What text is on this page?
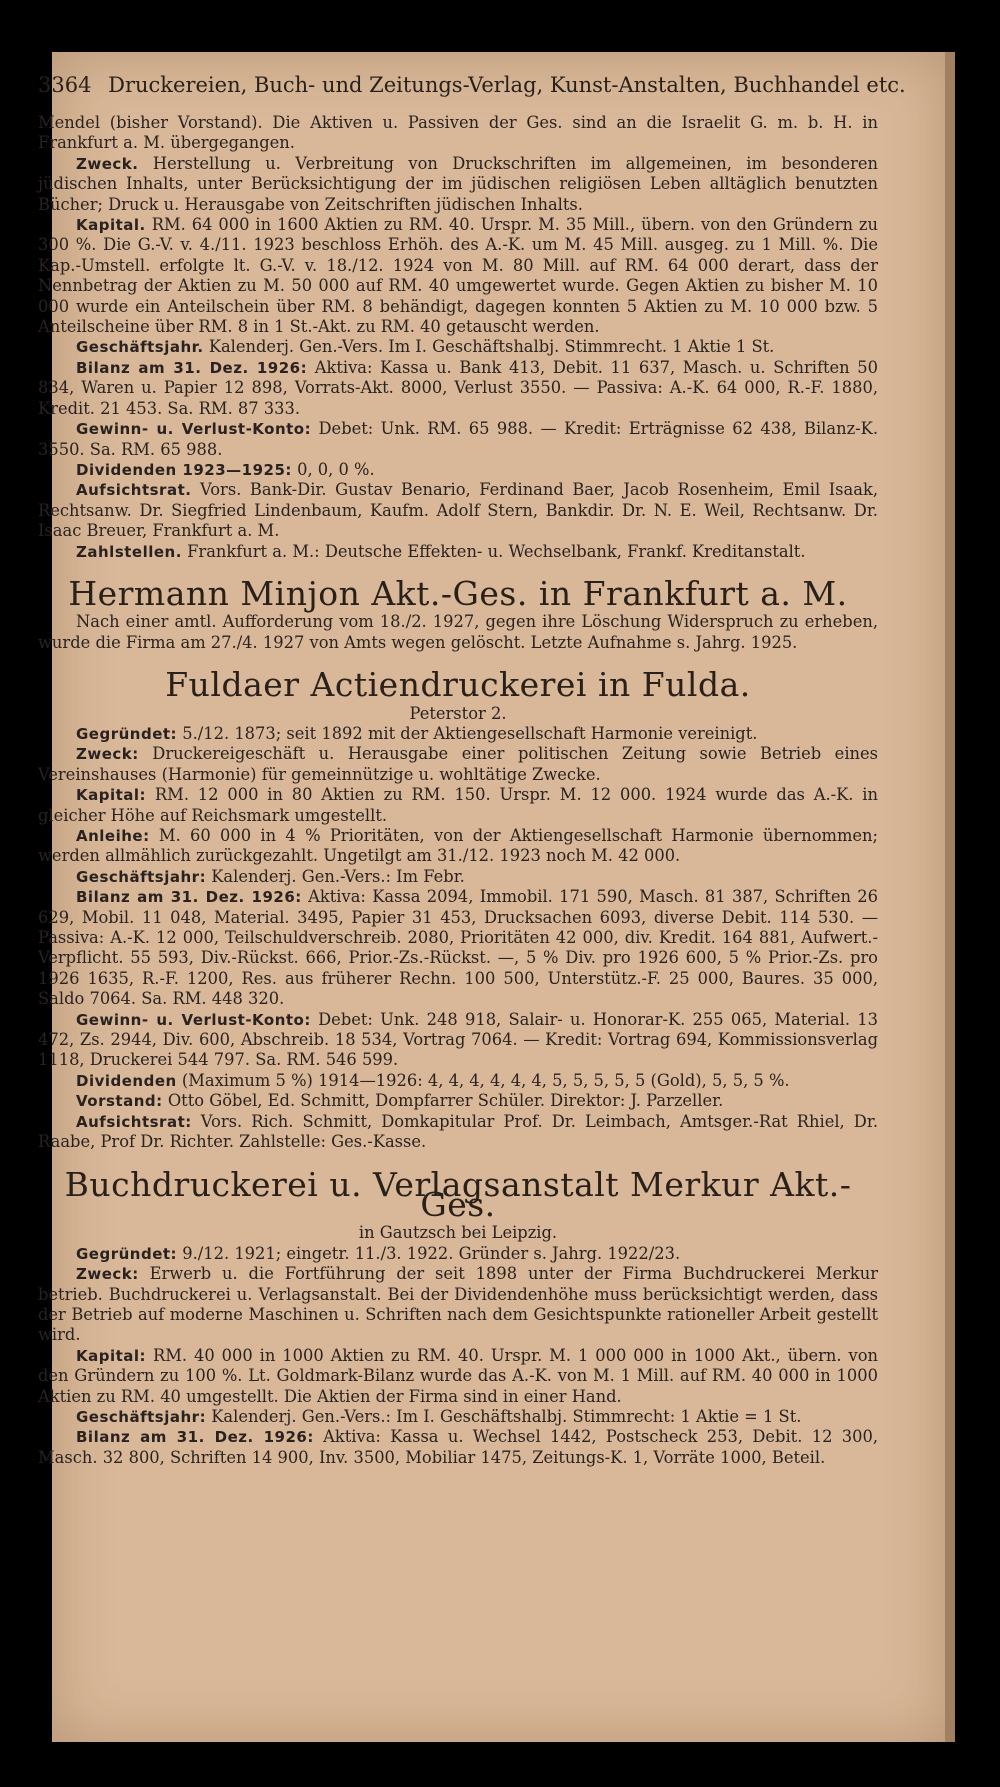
3364 Druckereien, Buch- und Zeitungs-Verlag, Kunst-Anstalten, Buchhandel etc.

Mendel (bisher Vorstand). Die Aktiven u. Passiven der Ges. sind an die Israelit G. m. b. H. in Frankfurt a. M. übergegangen.

Zweck. Herstellung u. Verbreitung von Druckschriften im allgemeinen, im besonderen jüdischen Inhalts, unter Berücksichtigung der im jüdischen religiösen Leben alltäglich benutzten Bücher; Druck u. Herausgabe von Zeitschriften jüdischen Inhalts.

Kapital. RM. 64 000 in 1600 Aktien zu RM. 40. Urspr. M. 35 Mill., übern. von den Gründern zu 300 %. Die G.-V. v. 4./11. 1923 beschloss Erhöh. des A.-K. um M. 45 Mill. ausgeg. zu 1 Mill. %. Die Kap.-Umstell. erfolgte lt. G.-V. v. 18./12. 1924 von M. 80 Mill. auf RM. 64 000 derart, dass der Nennbetrag der Aktien zu M. 50 000 auf RM. 40 umgewertet wurde. Gegen Aktien zu bisher M. 10 000 wurde ein Anteilschein über RM. 8 behändigt, dagegen konnten 5 Aktien zu M. 10 000 bzw. 5 Anteilscheine über RM. 8 in 1 St.-Akt. zu RM. 40 getauscht werden.

Geschäftsjahr. Kalenderj. Gen.-Vers. Im I. Geschäftshalbj. Stimmrecht. 1 Aktie 1 St.

Bilanz am 31. Dez. 1926: Aktiva: Kassa u. Bank 413, Debit. 11 637, Masch. u. Schriften 50 834, Waren u. Papier 12 898, Vorrats-Akt. 8000, Verlust 3550. — Passiva: A.-K. 64 000, R.-F. 1880, Kredit. 21 453. Sa. RM. 87 333.

Gewinn- u. Verlust-Konto: Debet: Unk. RM. 65 988. — Kredit: Erträgnisse 62 438, Bilanz-K. 3550. Sa. RM. 65 988.

Dividenden 1923—1925: 0, 0, 0 %.

Aufsichtsrat. Vors. Bank-Dir. Gustav Benario, Ferdinand Baer, Jacob Rosenheim, Emil Isaak, Rechtsanw. Dr. Siegfried Lindenbaum, Kaufm. Adolf Stern, Bankdir. Dr. N. E. Weil, Rechtsanw. Dr. Isaac Breuer, Frankfurt a. M.

Zahlstellen. Frankfurt a. M.: Deutsche Effekten- u. Wechselbank, Frankf. Kreditanstalt.

Hermann Minjon Akt.-Ges. in Frankfurt a. M.

Nach einer amtl. Aufforderung vom 18./2. 1927, gegen ihre Löschung Widerspruch zu erheben, wurde die Firma am 27./4. 1927 von Amts wegen gelöscht. Letzte Aufnahme s. Jahrg. 1925.

Fuldaer Actiendruckerei in Fulda.

Peterstor 2.

Gegründet: 5./12. 1873; seit 1892 mit der Aktiengesellschaft Harmonie vereinigt.

Zweck: Druckereigeschäft u. Herausgabe einer politischen Zeitung sowie Betrieb eines Vereinshauses (Harmonie) für gemeinnützige u. wohltätige Zwecke.

Kapital: RM. 12 000 in 80 Aktien zu RM. 150. Urspr. M. 12 000. 1924 wurde das A.-K. in gleicher Höhe auf Reichsmark umgestellt.

Anleihe: M. 60 000 in 4 % Prioritäten, von der Aktiengesellschaft Harmonie übernommen; werden allmählich zurückgezahlt. Ungetilgt am 31./12. 1923 noch M. 42 000.

Geschäftsjahr: Kalenderj. Gen.-Vers.: Im Febr.

Bilanz am 31. Dez. 1926: Aktiva: Kassa 2094, Immobil. 171 590, Masch. 81 387, Schriften 26 629, Mobil. 11 048, Material. 3495, Papier 31 453, Drucksachen 6093, diverse Debit. 114 530. — Passiva: A.-K. 12 000, Teilschuldverschreib. 2080, Prioritäten 42 000, div. Kredit. 164 881, Aufwert.-Verpflicht. 55 593, Div.-Rückst. 666, Prior.-Zs.-Rückst. —, 5 % Div. pro 1926 600, 5 % Prior.-Zs. pro 1926 1635, R.-F. 1200, Res. aus früherer Rechn. 100 500, Unterstütz.-F. 25 000, Baures. 35 000, Saldo 7064. Sa. RM. 448 320.

Gewinn- u. Verlust-Konto: Debet: Unk. 248 918, Salair- u. Honorar-K. 255 065, Material. 13 472, Zs. 2944, Div. 600, Abschreib. 18 534, Vortrag 7064. — Kredit: Vortrag 694, Kommissionsverlag 1118, Druckerei 544 797. Sa. RM. 546 599.

Dividenden (Maximum 5 %) 1914—1926: 4, 4, 4, 4, 4, 4, 5, 5, 5, 5, 5 (Gold), 5, 5, 5 %.

Vorstand: Otto Göbel, Ed. Schmitt, Dompfarrer Schüler. Direktor: J. Parzeller.

Aufsichtsrat: Vors. Rich. Schmitt, Domkapitular Prof. Dr. Leimbach, Amtsger.-Rat Rhiel, Dr. Raabe, Prof Dr. Richter. Zahlstelle: Ges.-Kasse.

Buchdruckerei u. Verlagsanstalt Merkur Akt.-Ges.

in Gautzsch bei Leipzig.

Gegründet: 9./12. 1921; eingetr. 11./3. 1922. Gründer s. Jahrg. 1922/23.

Zweck: Erwerb u. die Fortführung der seit 1898 unter der Firma Buchdruckerei Merkur betrieb. Buchdruckerei u. Verlagsanstalt. Bei der Dividendenhöhe muss berücksichtigt werden, dass der Betrieb auf moderne Maschinen u. Schriften nach dem Gesichtspunkte rationeller Arbeit gestellt wird.

Kapital: RM. 40 000 in 1000 Aktien zu RM. 40. Urspr. M. 1 000 000 in 1000 Akt., übern. von den Gründern zu 100 %. Lt. Goldmark-Bilanz wurde das A.-K. von M. 1 Mill. auf RM. 40 000 in 1000 Aktien zu RM. 40 umgestellt. Die Aktien der Firma sind in einer Hand.

Geschäftsjahr: Kalenderj. Gen.-Vers.: Im I. Geschäftshalbj. Stimmrecht: 1 Aktie = 1 St.

Bilanz am 31. Dez. 1926: Aktiva: Kassa u. Wechsel 1442, Postscheck 253, Debit. 12 300, Masch. 32 800, Schriften 14 900, Inv. 3500, Mobiliar 1475, Zeitungs-K. 1, Vorräte 1000, Beteil.
